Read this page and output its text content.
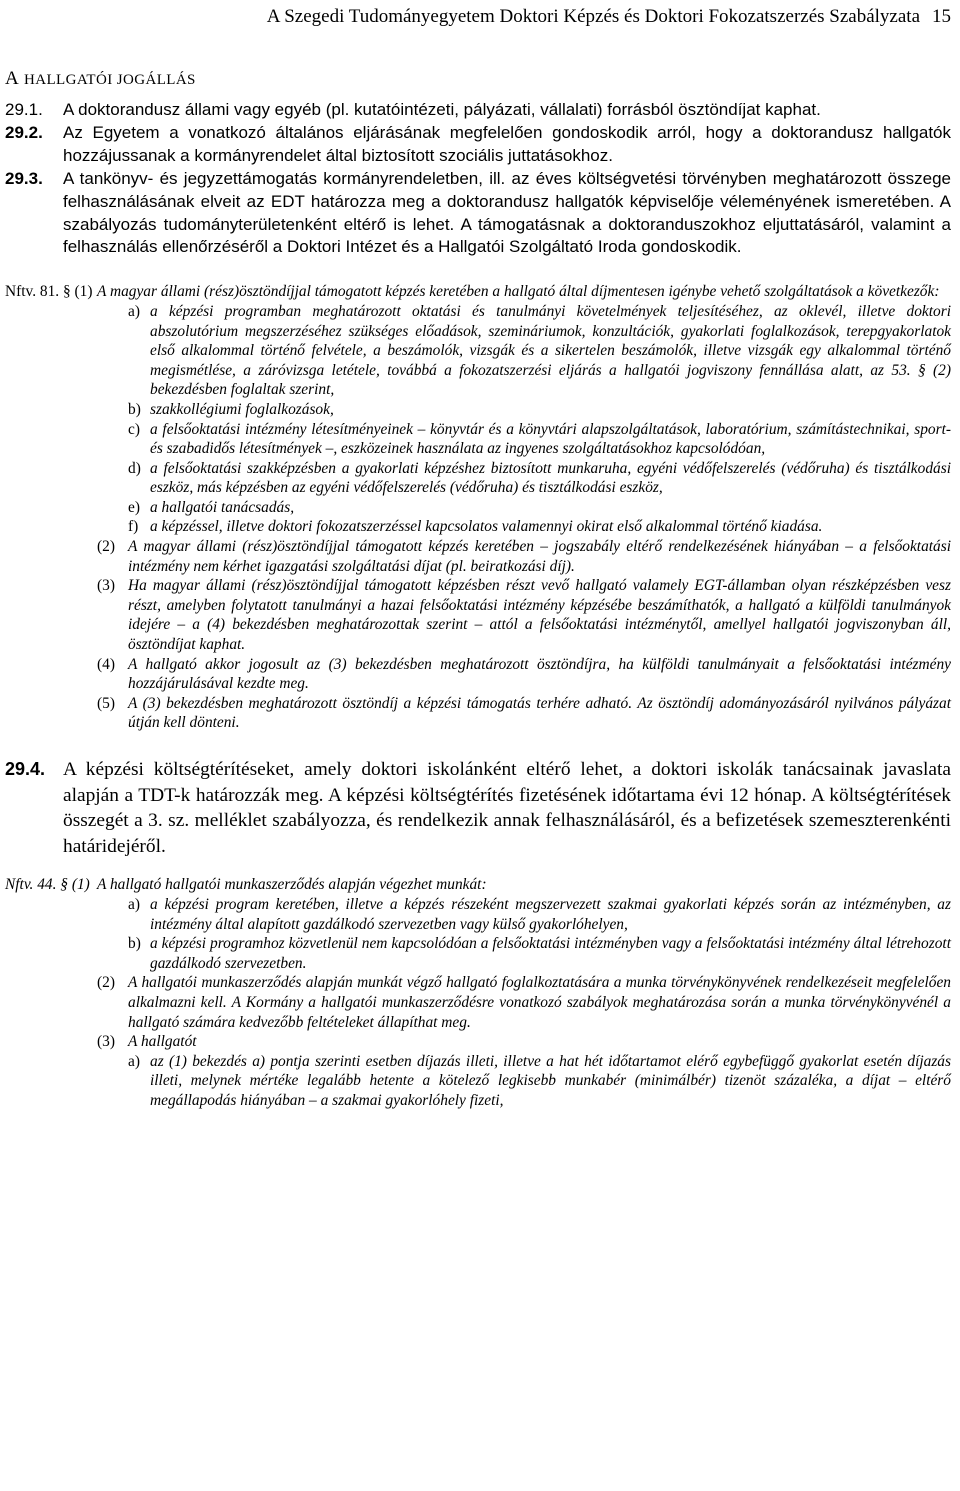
A Szegedi Tudományegyetem Doktori Képzés és Doktori Fokozatszerzés Szabályzata 15
A HALLGATÓI JOGÁLLÁS
29.1.	A doktorandusz állami vagy egyéb (pl. kutatóintézeti, pályázati, vállalati) forrásból ösztöndíjat kaphat.
29.2.	Az Egyetem a vonatkozó általános eljárásának megfelelően gondoskodik arról, hogy a doktorandusz hallgatók hozzájussanak a kormányrendelet által biztosított szociális juttatásokhoz.
29.3.	A tankönyv- és jegyzettámogatás kormányrendeletben, ill. az éves költségvetési törvényben meghatározott összege felhasználásának elveit az EDT határozza meg a doktorandusz hallgatók képviselője véleményének ismeretében. A szabályozás tudományterületenként eltérő is lehet. A támogatásnak a doktoranduszokhoz eljuttatásáról, valamint a felhasználás ellenőrzéséről a Doktori Intézet és a Hallgatói Szolgáltató Iroda gondoskodik.
Nftv. 81. § (1) A magyar állami (rész)ösztöndíjjal támogatott képzés keretében a hallgató által díjmentesen igénybe vehető szolgáltatások a következők:
a) a képzési programban meghatározott oktatási és tanulmányi követelmények teljesítéséhez, az oklevél, illetve doktori abszolutórium megszerzéséhez szükséges előadások, szemináriumok, konzultációk, gyakorlati foglalkozások, terepgyakorlatok első alkalommal történő felvétele, a beszámolók, vizsgák és a sikertelen beszámolók, illetve vizsgák egy alkalommal történő megismétlése, a záróvizsga letétele, továbbá a fokozatszerzési eljárás a hallgatói jogviszony fennállása alatt, az 53. § (2) bekezdésben foglaltak szerint,
b) szakkollégiumi foglalkozások,
c) a felsőoktatási intézmény létesítményeinek – könyvtár és a könyvtári alapszolgáltatások, laboratórium, számítástechnikai, sport- és szabadidős létesítmények –, eszközeinek használata az ingyenes szolgáltatásokhoz kapcsolódóan,
d) a felsőoktatási szakképzésben a gyakorlati képzéshez biztosított munkaruha, egyéni védőfelszerelés (védőruha) és tisztálkodási eszköz, más képzésben az egyéni védőfelszerelés (védőruha) és tisztálkodási eszköz,
e) a hallgatói tanácsadás,
f) a képzéssel, illetve doktori fokozatszerzéssel kapcsolatos valamennyi okirat első alkalommal történő kiadása.
(2) A magyar állami (rész)ösztöndíjjal támogatott képzés keretében – jogszabály eltérő rendelkezésének hiányában – a felsőoktatási intézmény nem kérhet igazgatási szolgáltatási díjat (pl. beiratkozási díj).
(3) Ha magyar állami (rész)ösztöndíjjal támogatott képzésben részt vevő hallgató valamely EGT-államban olyan részképzésben vesz részt, amelyben folytatott tanulmányi a hazai felsőoktatási intézmény képzésébe beszámíthatók, a hallgató a külföldi tanulmányok idejére – a (4) bekezdésben meghatározottak szerint – attól a felsőoktatási intézménytől, amellyel hallgatói jogviszonyban áll, ösztöndíjat kaphat.
(4) A hallgató akkor jogosult az (3) bekezdésben meghatározott ösztöndíjra, ha külföldi tanulmányait a felsőoktatási intézmény hozzájárulásával kezdte meg.
(5) A (3) bekezdésben meghatározott ösztöndíj a képzési támogatás terhére adható. Az ösztöndíj adományozásáról nyilvános pályázat útján kell dönteni.
29.4. A képzési költségtérítéseket, amely doktori iskolánként eltérő lehet, a doktori iskolák tanácsainak javaslata alapján a TDT-k határozzák meg. A képzési költségtérítés fizetésének időtartama évi 12 hónap. A költségtérítések összegét a 3. sz. melléklet szabályozza, és rendelkezik annak felhasználásáról, és a befizetések szemeszterenkénti határidejéről.
Nftv. 44. § (1) A hallgató hallgatói munkaszerződés alapján végezhet munkát:
a) a képzési program keretében, illetve a képzés részeként megszervezett szakmai gyakorlati képzés során az intézményben, az intézmény által alapított gazdálkodó szervezetben vagy külső gyakorlóhelyen,
b) a képzési programhoz közvetlenül nem kapcsolódóan a felsőoktatási intézményben vagy a felsőoktatási intézmény által létrehozott gazdálkodó szervezetben.
(2) A hallgatói munkaszerződés alapján munkát végző hallgató foglalkoztatására a munka törvénykönyvének rendelkezéseit megfelelően alkalmazni kell. A Kormány a hallgatói munkaszerződésre vonatkozó szabályok meghatározása során a munka törvénykönyvénél a hallgató számára kedvezőbb feltételeket állapíthat meg.
(3) A hallgatót
a) az (1) bekezdés a) pontja szerinti esetben díjazás illeti, illetve a hat hét időtartamot elérő egybefüggő gyakorlat esetén díjazás illeti, melynek mértéke legalább hetente a kötelező legkisebb munkabér (minimálbér) tizenöt százaléka, a díjat – eltérő megállapodás hiányában – a szakmai gyakorlóhely fizeti,
